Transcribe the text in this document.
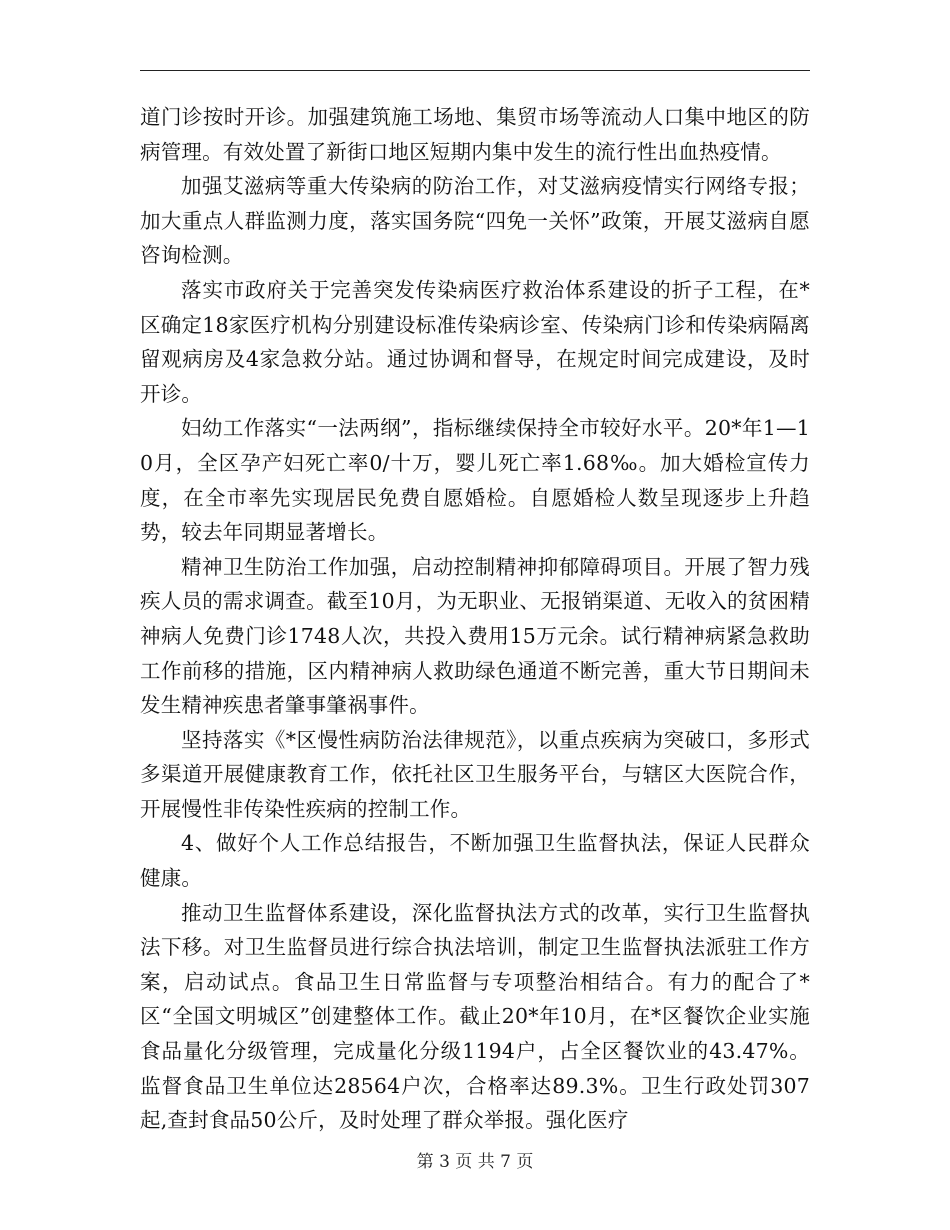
道门诊按时开诊。加强建筑施工场地、集贸市场等流动人口集中地区的防病管理。有效处置了新街口地区短期内集中发生的流行性出血热疫情。

加强艾滋病等重大传染病的防治工作，对艾滋病疫情实行网络专报；加大重点人群监测力度，落实国务院“四免一关怀”政策，开展艾滋病自愿咨询检测。

落实市政府关于完善突发传染病医疗救治体系建设的折子工程，在*区确定18家医疗机构分别建设标准传染病诊室、传染病门诊和传染病隔离留观病房及4家急救分站。通过协调和督导，在规定时间完成建设，及时开诊。

妇幼工作落实“一法两纲”，指标继续保持全市较好水平。20*年1—10月，全区孕产妇死亡率0/十万，婴儿死亡率1.68‰。加大婚检宣传力度，在全市率先实现居民免费自愿婚检。自愿婚检人数呈现逐步上升趋势，较去年同期显著增长。

精神卫生防治工作加强，启动控制精神抑郁障碍项目。开展了智力残疾人员的需求调查。截至10月，为无职业、无报销渠道、无收入的贫困精神病人免费门诊1748人次，共投入费用15万元余。试行精神病紧急救助工作前移的措施，区内精神病人救助绿色通道不断完善，重大节日期间未发生精神疾患者肇事肇祸事件。

坚持落实《*区慢性病防治法律规范》，以重点疾病为突破口，多形式多渠道开展健康教育工作，依托社区卫生服务平台，与辖区大医院合作，开展慢性非传染性疾病的控制工作。

4、做好个人工作总结报告，不断加强卫生监督执法，保证人民群众健康。

推动卫生监督体系建设，深化监督执法方式的改革，实行卫生监督执法下移。对卫生监督员进行综合执法培训，制定卫生监督执法派驻工作方案，启动试点。食品卫生日常监督与专项整治相结合。有力的配合了*区“全国文明城区”创建整体工作。截止20*年10月，在*区餐饮企业实施食品量化分级管理，完成量化分级1194户，占全区餐饮业的43.47%。监督食品卫生单位达28564户次，合格率达89.3%。卫生行政处罚307起,查封食品50公斤，及时处理了群众举报。强化医疗

第 3 页 共 7 页
